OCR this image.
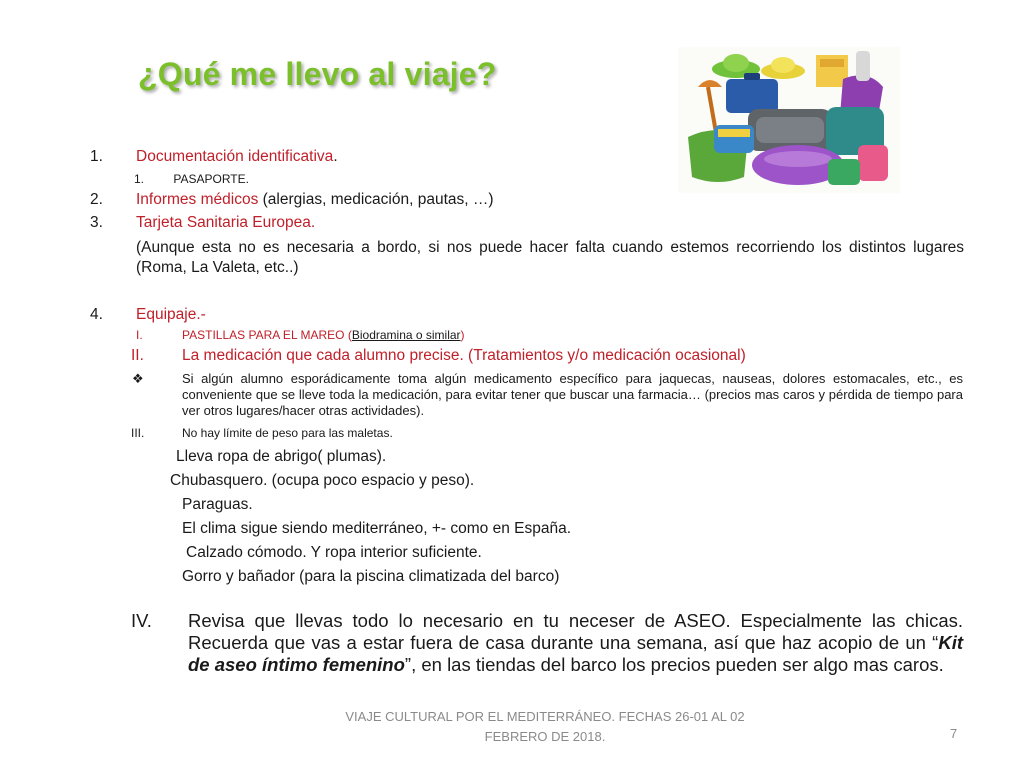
¿Qué me llevo al viaje?
1. Documentación identificativa.
1. PASAPORTE.
2. Informes médicos (alergias, medicación, pautas, …)
3. Tarjeta Sanitaria Europea.
(Aunque esta no es necesaria a bordo, si nos puede hacer falta cuando estemos recorriendo los distintos lugares (Roma, La Valeta, etc..)
4. Equipaje.-
I.	PASTILLAS PARA EL MAREO (Biodramina o similar)
II. La medicación que cada alumno precise. (Tratamientos y/o medicación ocasional)
❖	Si algún alumno esporádicamente toma algún medicamento específico para jaquecas, nauseas, dolores estomacales, etc., es conveniente que se lleve toda la medicación, para evitar tener que buscar una farmacia… (precios mas caros y pérdida de tiempo para ver otros lugares/hacer otras actividades).
III.	No hay límite de peso para las maletas.
Lleva ropa de abrigo( plumas).
Chubasquero. (ocupa poco espacio y peso).
Paraguas.
El clima sigue siendo mediterráneo, +- como en España.
Calzado cómodo. Y ropa interior suficiente.
Gorro y bañador (para la piscina climatizada del barco)
IV. Revisa que llevas todo lo necesario en tu neceser de ASEO. Especialmente las chicas. Recuerda que vas a estar fuera de casa durante una semana, así que haz acopio de un “Kit de aseo íntimo femenino”, en las tiendas del barco los precios pueden ser algo mas caros.
VIAJE CULTURAL POR EL MEDITERRÁNEO. FECHAS 26-01 AL 02
FEBRERO DE 2018.	7
